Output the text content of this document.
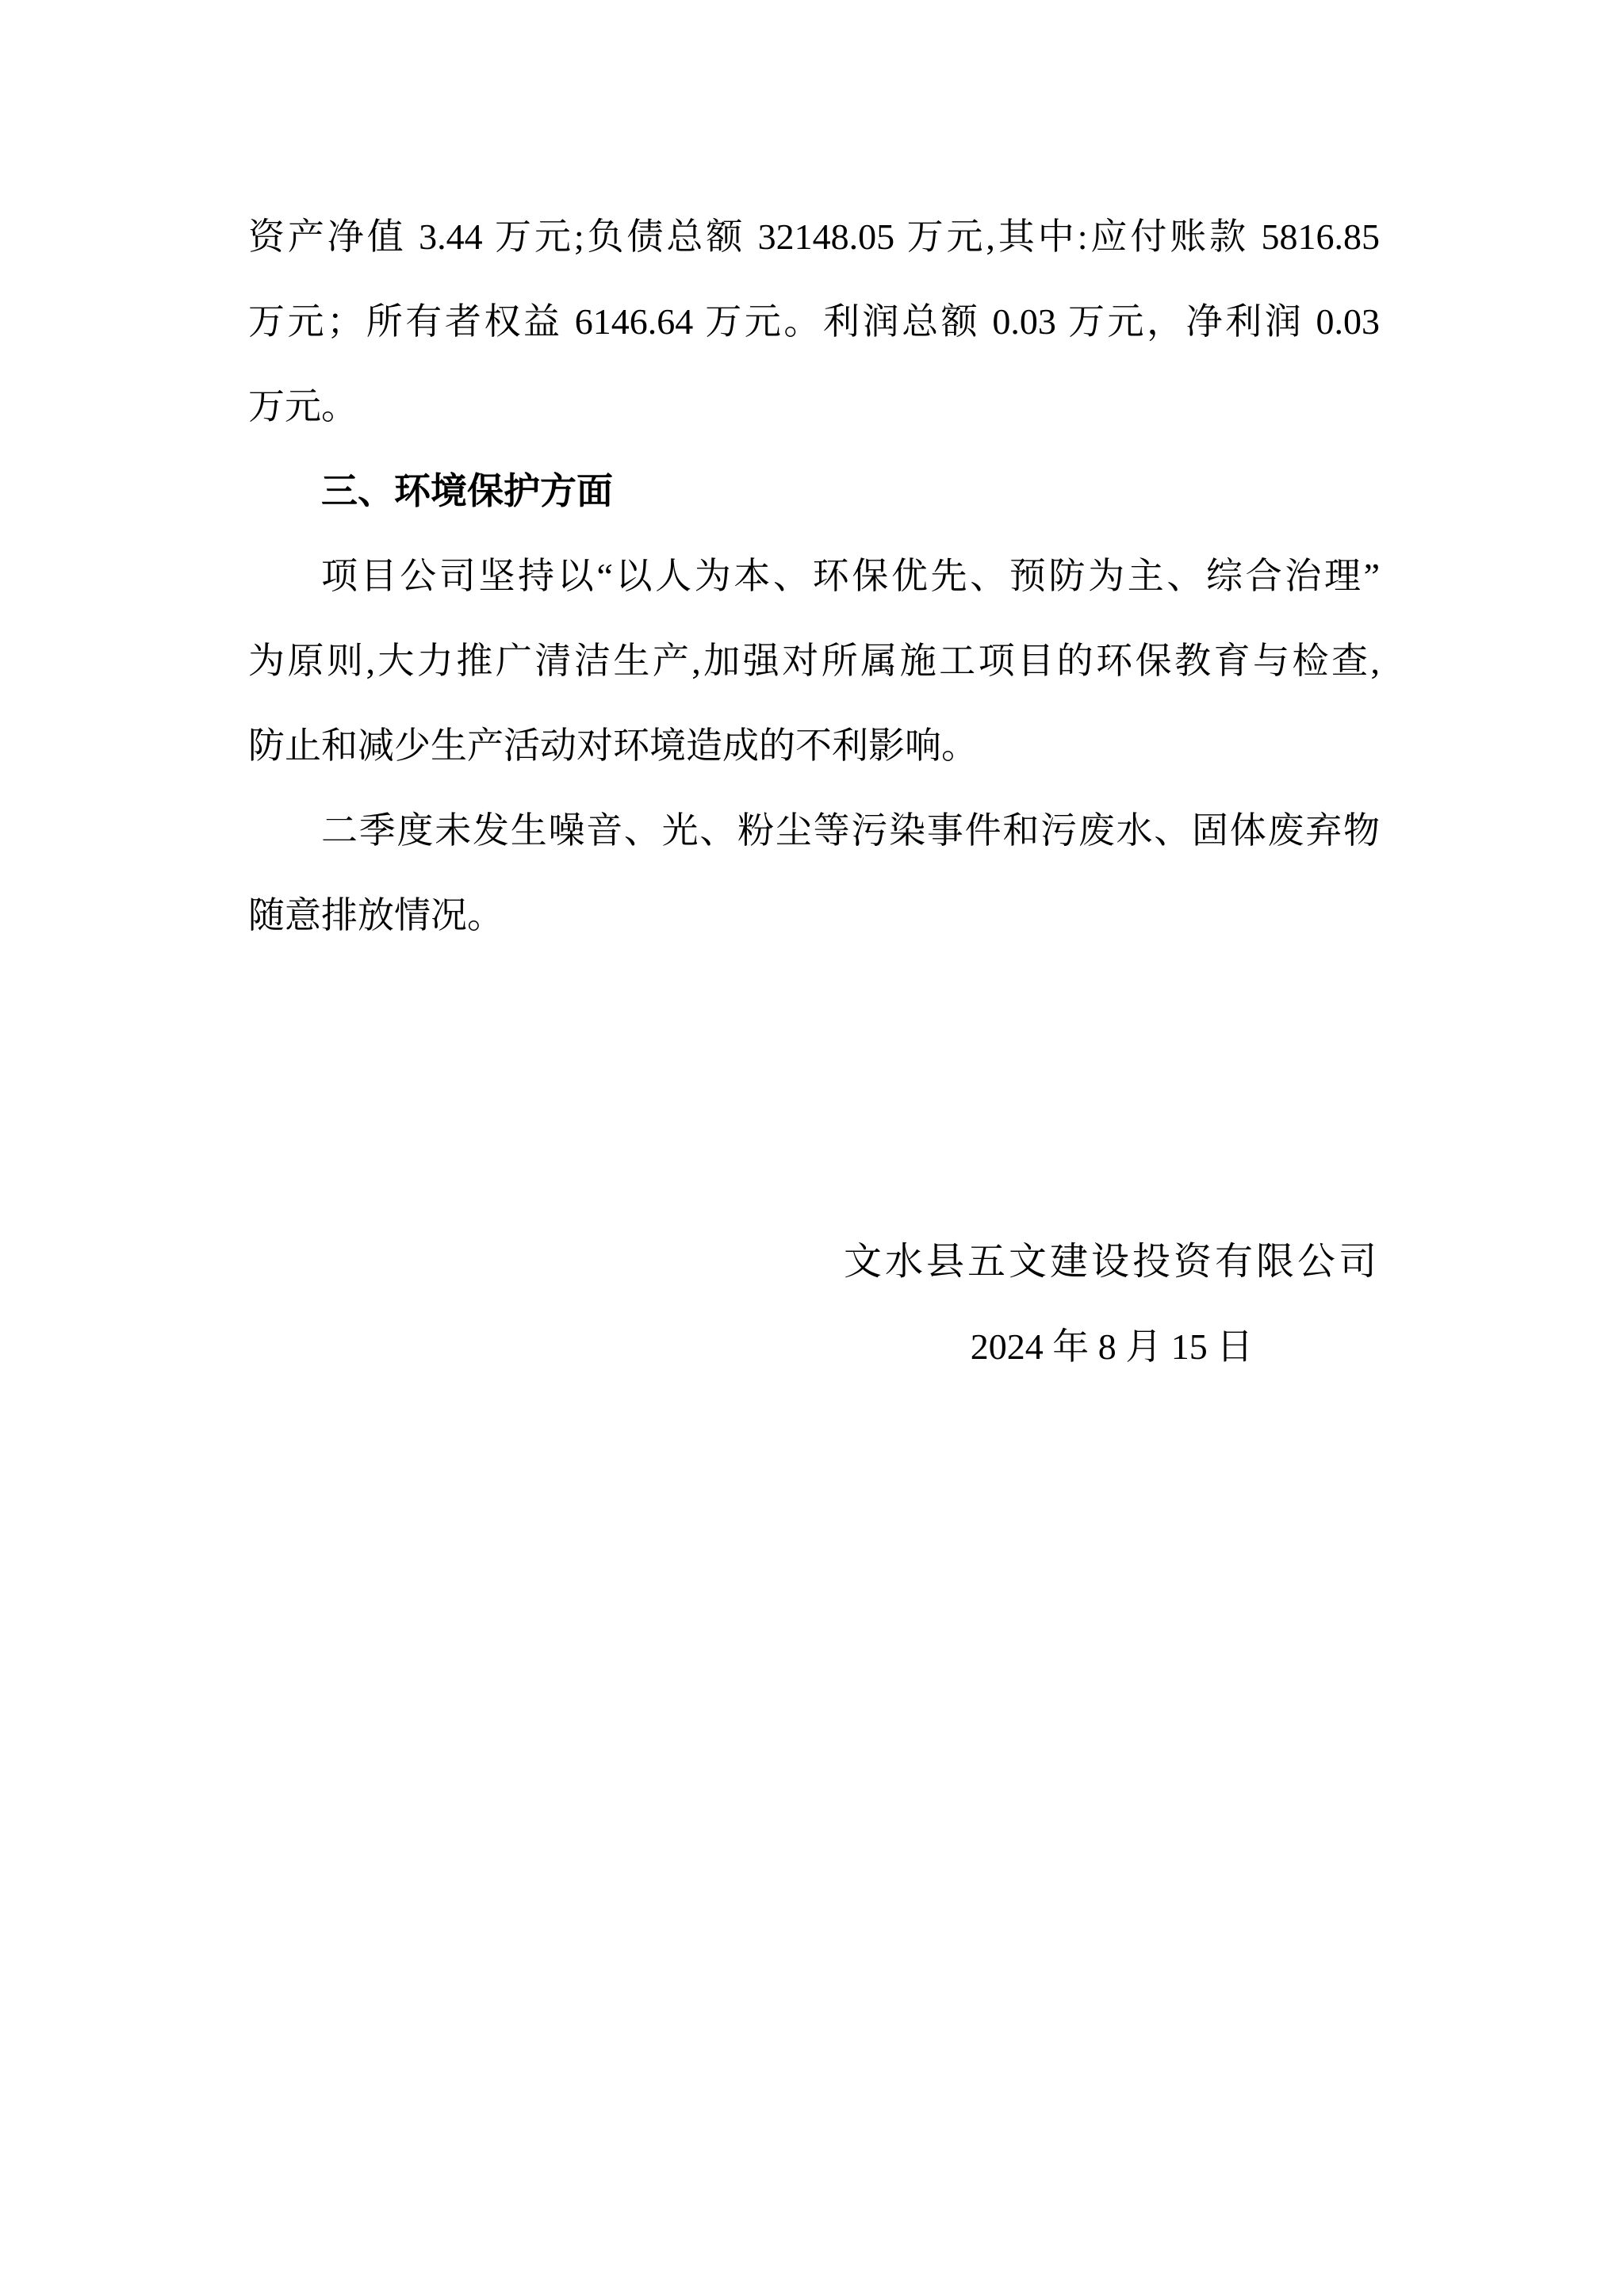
资产净值 3.44 万元;负债总额 32148.05 万元,其中:应付账款 5816.85
万元；所有者权益 6146.64 万元。利润总额 0.03 万元，净利润 0.03
万元。
三、环境保护方面
项目公司坚持以“以人为本、环保优先、预防为主、综合治理”
为原则,大力推广清洁生产,加强对所属施工项目的环保教育与检查,
防止和减少生产活动对环境造成的不利影响。
二季度未发生噪音、光、粉尘等污染事件和污废水、固体废弃物
随意排放情况。
文水县五文建设投资有限公司
2024 年 8 月 15 日
